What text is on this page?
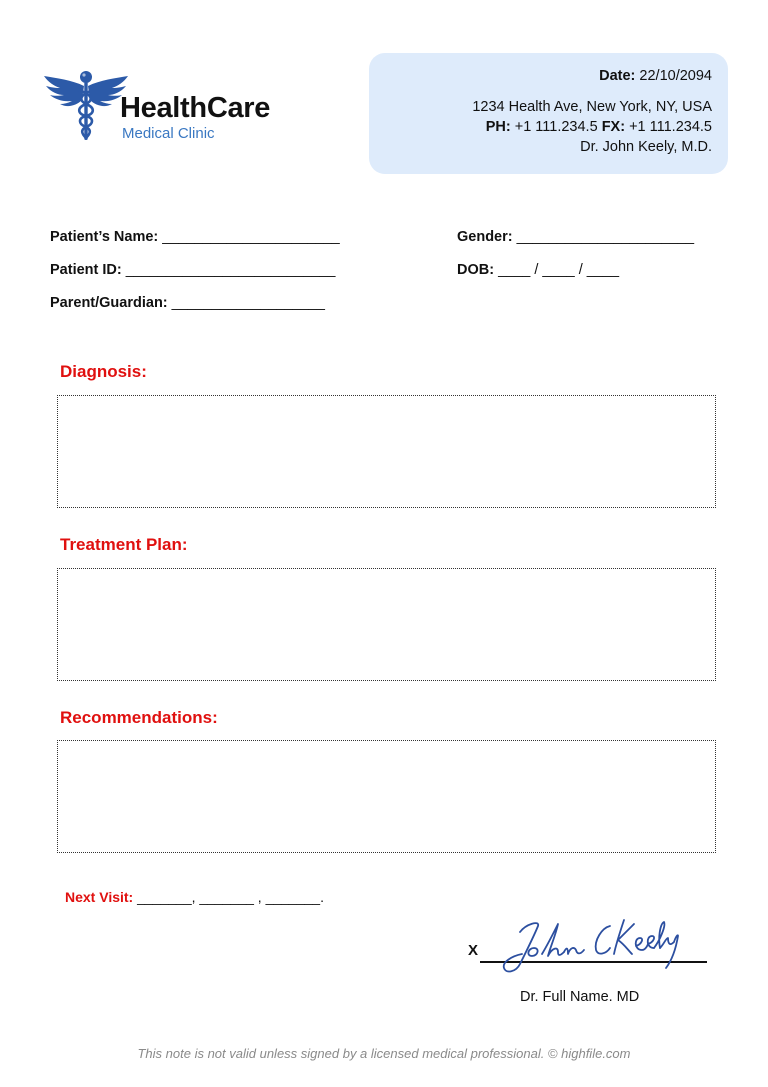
HealthCare
Medical Clinic
Date: 22/10/2094
1234 Health Ave, New York, NY, USA
PH: +1 111.234.5 FX: +1 111.234.5
Dr. John Keely, M.D.
Patient’s Name: ______________________
Patient ID: __________________________
Parent/Guardian: ___________________
Gender: ______________________
DOB: ____ / ____ / ____
Diagnosis:
Treatment Plan:
Recommendations:
Next Visit: _______, _______ , _______.
X
Dr. Full Name. MD
This note is not valid unless signed by a licensed medical professional. © highfile.com
